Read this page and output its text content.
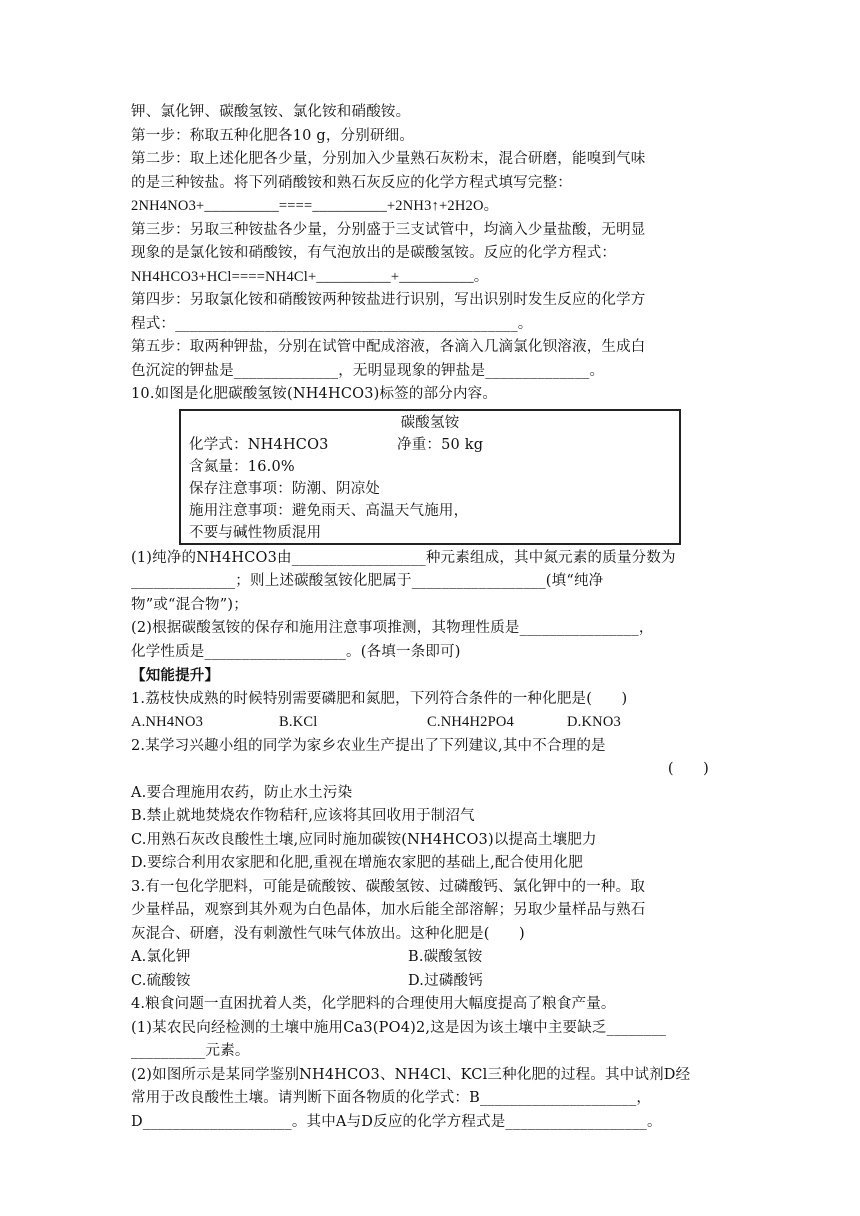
钾、氯化钾、碳酸氢铵、氯化铵和硝酸铵。
第一步：称取五种化肥各10 g，分别研细。
第二步：取上述化肥各少量，分别加入少量熟石灰粉末，混合研磨，能嗅到气味
的是三种铵盐。将下列硝酸铵和熟石灰反应的化学方程式填写完整：
2NH4NO3+__________====__________+2NH3↑+2H2O。
第三步：另取三种铵盐各少量，分别盛于三支试管中，均滴入少量盐酸，无明显
现象的是氯化铵和硝酸铵，有气泡放出的是碳酸氢铵。反应的化学方程式：
NH4HCO3+HCl====NH4Cl+__________+__________。
第四步：另取氯化铵和硝酸铵两种铵盐进行识别，写出识别时发生反应的化学方
程式：______________________________________________。
第五步：取两种钾盐，分别在试管中配成溶液，各滴入几滴氯化钡溶液，生成白
色沉淀的钾盐是______________，无明显现象的钾盐是______________。
10.如图是化肥碳酸氢铵(NH4HCO3)标签的部分内容。
碳酸氢铵
化学式：NH4HCO3	净重：50 kg
含氮量：16.0%
保存注意事项：防潮、阴凉处
施用注意事项：避免雨天、高温天气施用，
不要与碱性物质混用
(1)纯净的NH4HCO3由__________________种元素组成，其中氮元素的质量分数为
______________；则上述碳酸氢铵化肥属于__________________(填“纯净
物”或“混合物”)；
(2)根据碳酸氢铵的保存和施用注意事项推测，其物理性质是________________，
化学性质是___________________。(各填一条即可)
【知能提升】
1.荔枝快成熟的时候特别需要磷肥和氮肥，下列符合条件的一种化肥是(　　)
A.NH4NO3	B.KCl	C.NH4H2PO4	D.KNO3
2.某学习兴趣小组的同学为家乡农业生产提出了下列建议,其中不合理的是
(　　)
A.要合理施用农药，防止水土污染
B.禁止就地焚烧农作物秸秆,应该将其回收用于制沼气
C.用熟石灰改良酸性土壤,应同时施加碳铵(NH4HCO3)以提高土壤肥力
D.要综合利用农家肥和化肥,重视在增施农家肥的基础上,配合使用化肥
3.有一包化学肥料，可能是硫酸铵、碳酸氢铵、过磷酸钙、氯化钾中的一种。取
少量样品，观察到其外观为白色晶体，加水后能全部溶解；另取少量样品与熟石
灰混合、研磨，没有刺激性气味气体放出。这种化肥是(　　)
A.氯化钾	B.碳酸氢铵
C.硫酸铵	D.过磷酸钙
4.粮食问题一直困扰着人类，化学肥料的合理使用大幅度提高了粮食产量。
(1)某农民向经检测的土壤中施用Ca3(PO4)2,这是因为该土壤中主要缺乏________
__________元素。
(2)如图所示是某同学鉴别NH4HCO3、NH4Cl、KCl三种化肥的过程。其中试剂D经
常用于改良酸性土壤。请判断下面各物质的化学式：B_____________________，
D____________________。其中A与D反应的化学方程式是___________________。
